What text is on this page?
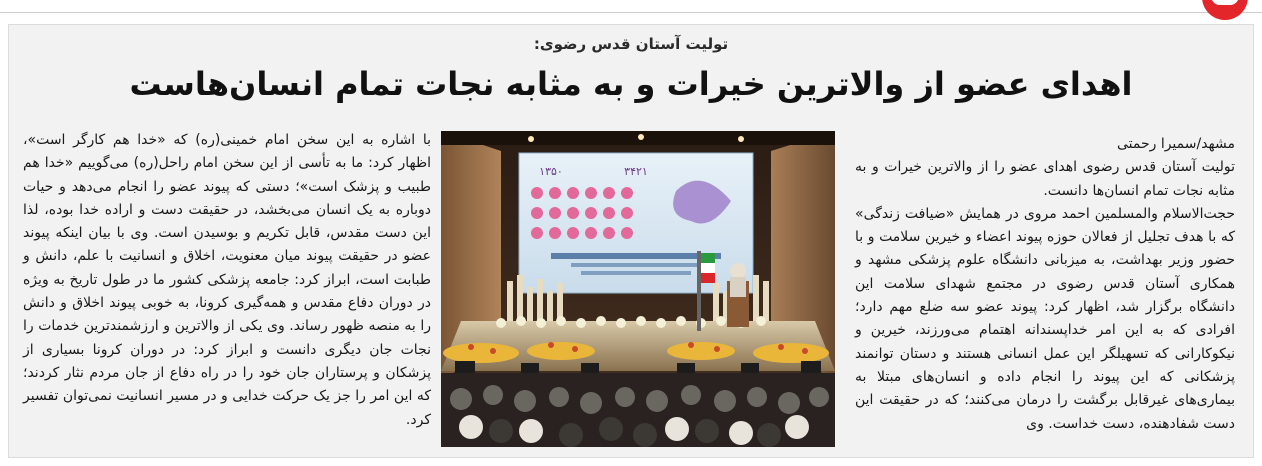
تولیت آستان قدس رضوی:
اهدای عضو از والاترین خیرات و به مثابه نجات تمام انسان‌هاست
مشهد/سمیرا رحمتی

تولیت آستان قدس رضوی اهدای عضو را از والاترین خیرات و به مثابه نجات تمام انسان‌ها دانست.

حجت‌الاسلام والمسلمین احمد مروی در همایش «ضیافت زندگی» که با هدف تجلیل از فعالان حوزه پیوند اعضاء و خیرین سلامت و با حضور وزیر بهداشت، به میزبانی دانشگاه علوم پزشکی مشهد و همکاری آستان قدس رضوی در مجتمع شهدای سلامت این دانشگاه برگزار شد، اظهار کرد: پیوند عضو سه ضلع مهم دارد؛ افرادی که به این امر خداپسندانه اهتمام می‌ورزند، خیرین و نیکوکارانی که تسهیلگر این عمل انسانی هستند و دستان توانمند پزشکانی که این پیوند را انجام داده و انسان‌های مبتلا به بیماری‌های غیرقابل برگشت را درمان می‌کنند؛ که در حقیقت این دست شفادهنده، دست خداست. وی

۳۴۲۱
۱۳۵۰

با اشاره به این سخن امام خمینی(ره) که «خدا هم کارگر است»، اظهار کرد: ما به تأسی از این سخن امام راحل(ره) می‌گوییم «خدا هم طبیب و پزشک است»؛ دستی که پیوند عضو را انجام می‌دهد و حیات دوباره به یک انسان می‌بخشد، در حقیقت دست و اراده خدا بوده، لذا این دست مقدس، قابل تکریم و بوسیدن است. وی با بیان اینکه پیوند عضو در حقیقت پیوند میان معنویت، اخلاق و انسانیت با علم، دانش و طبابت است، ابراز کرد: جامعه پزشکی کشور ما در طول تاریخ به ویژه در دوران دفاع مقدس و همه‌گیری کرونا، به خوبی پیوند اخلاق و دانش را به منصه ظهور رساند. وی یکی از والاترین و ارزشمندترین خدمات را نجات جان دیگری دانست و ابراز کرد: در دوران کرونا بسیاری از پزشکان و پرستاران جان خود را در راه دفاع از جان مردم نثار کردند؛ که این امر را جز یک حرکت خدایی و در مسیر انسانیت نمی‌توان تفسیر کرد.
